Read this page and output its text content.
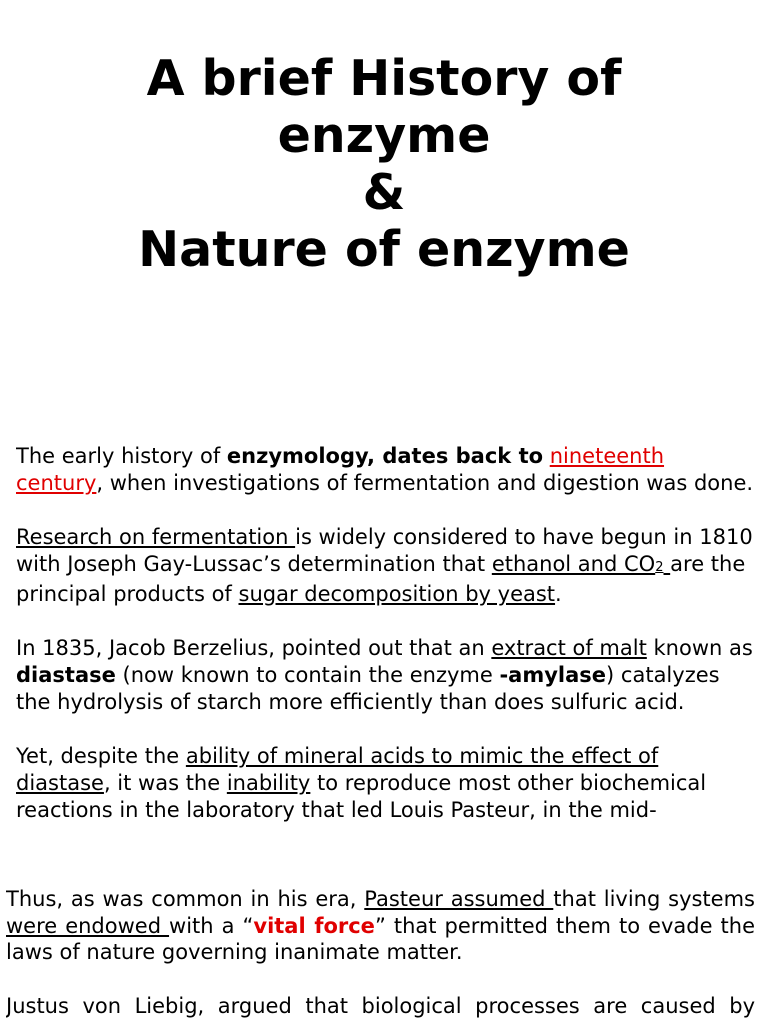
A brief History of
enzyme
&
Nature of enzyme

The early history of enzymology, dates back to nineteenth century, when investigations of fermentation and digestion was done.

Research on fermentation is widely considered to have begun in 1810 with Joseph Gay-Lussac’s determination that ethanol and CO2 are the principal products of sugar decomposition by yeast.

In 1835, Jacob Berzelius, pointed out that an extract of malt known as diastase (now known to contain the enzyme -amylase) catalyzes the hydrolysis of starch more efficiently than does sulfuric acid.

Yet, despite the ability of mineral acids to mimic the effect of diastase, it was the inability to reproduce most other biochemical reactions in the laboratory that led Louis Pasteur, in the mid-

Thus, as was common in his era, Pasteur assumed that living systems were endowed with a “vital force” that permitted them to evade the laws of nature governing inanimate matter.

Justus von Liebig, argued that biological processes are caused by
